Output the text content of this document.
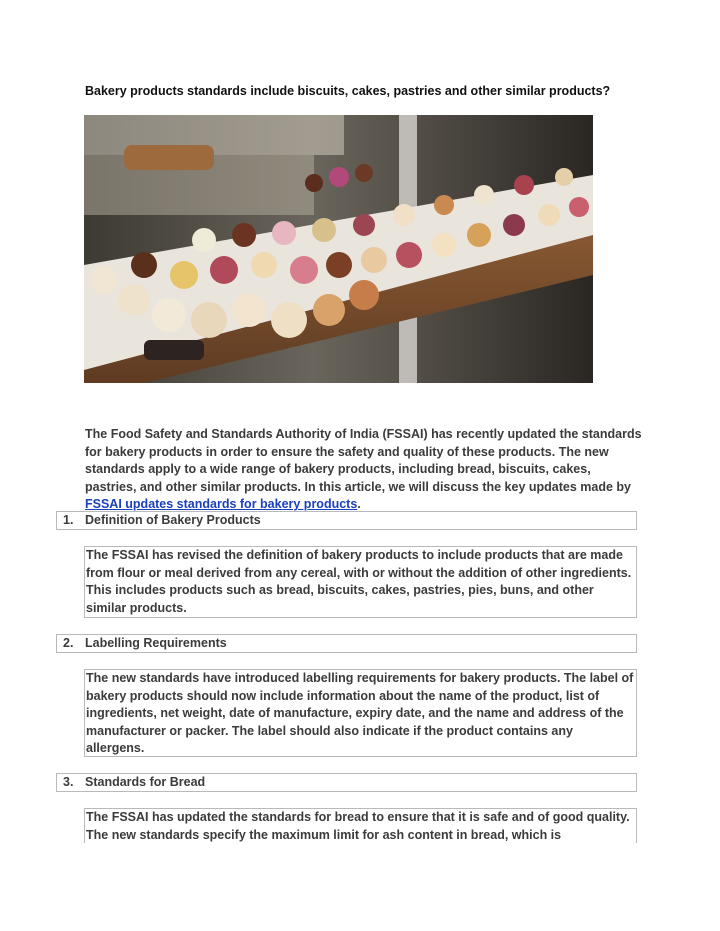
Bakery products standards include biscuits, cakes, pastries and other similar products?
The Food Safety and Standards Authority of India (FSSAI) has recently updated the standards for bakery products in order to ensure the safety and quality of these products. The new standards apply to a wide range of bakery products, including bread, biscuits, cakes, pastries, and other similar products. In this article, we will discuss the key updates made by FSSAI updates standards for bakery products.
1. Definition of Bakery Products
The FSSAI has revised the definition of bakery products to include products that are made from flour or meal derived from any cereal, with or without the addition of other ingredients. This includes products such as bread, biscuits, cakes, pastries, pies, buns, and other similar products.
2. Labelling Requirements
The new standards have introduced labelling requirements for bakery products. The label of bakery products should now include information about the name of the product, list of ingredients, net weight, date of manufacture, expiry date, and the name and address of the manufacturer or packer. The label should also indicate if the product contains any allergens.
3. Standards for Bread
The FSSAI has updated the standards for bread to ensure that it is safe and of good quality. The new standards specify the maximum limit for ash content in bread, which is
